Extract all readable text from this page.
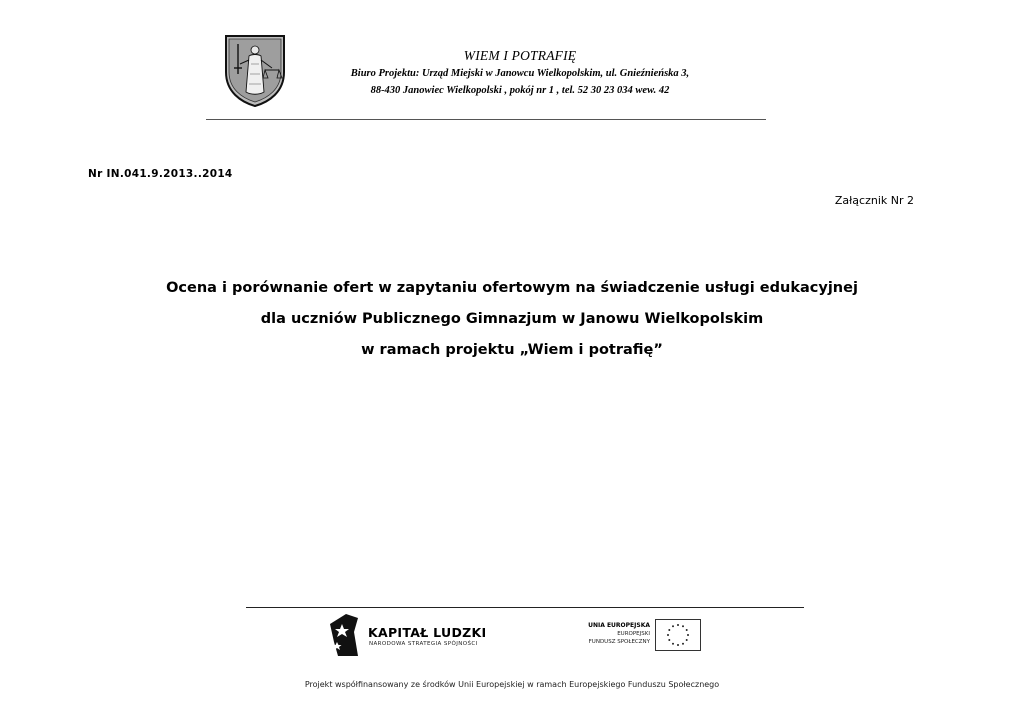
WIEM I POTRAFIĘ
Biuro Projektu: Urząd Miejski w Janowcu Wielkopolskim, ul. Gnieźnieńska 3,
88-430 Janowiec Wielkopolski , pokój nr 1 , tel. 52 30 23 034 wew. 42
Nr IN.041.9.2013..2014
Załącznik Nr 2
Ocena i porównanie ofert w zapytaniu ofertowym na świadczenie usługi edukacyjnej
dla uczniów Publicznego Gimnazjum w Janowu Wielkopolskim
w ramach projektu „Wiem i potrafię”
KAPITAŁ LUDZKI
NARODOWA STRATEGIA SPÓJNOŚCI
UNIA EUROPEJSKA
EUROPEJSKI
FUNDUSZ SPOŁECZNY
Projekt współfinansowany ze środków Unii Europejskiej w ramach Europejskiego Funduszu Społecznego
